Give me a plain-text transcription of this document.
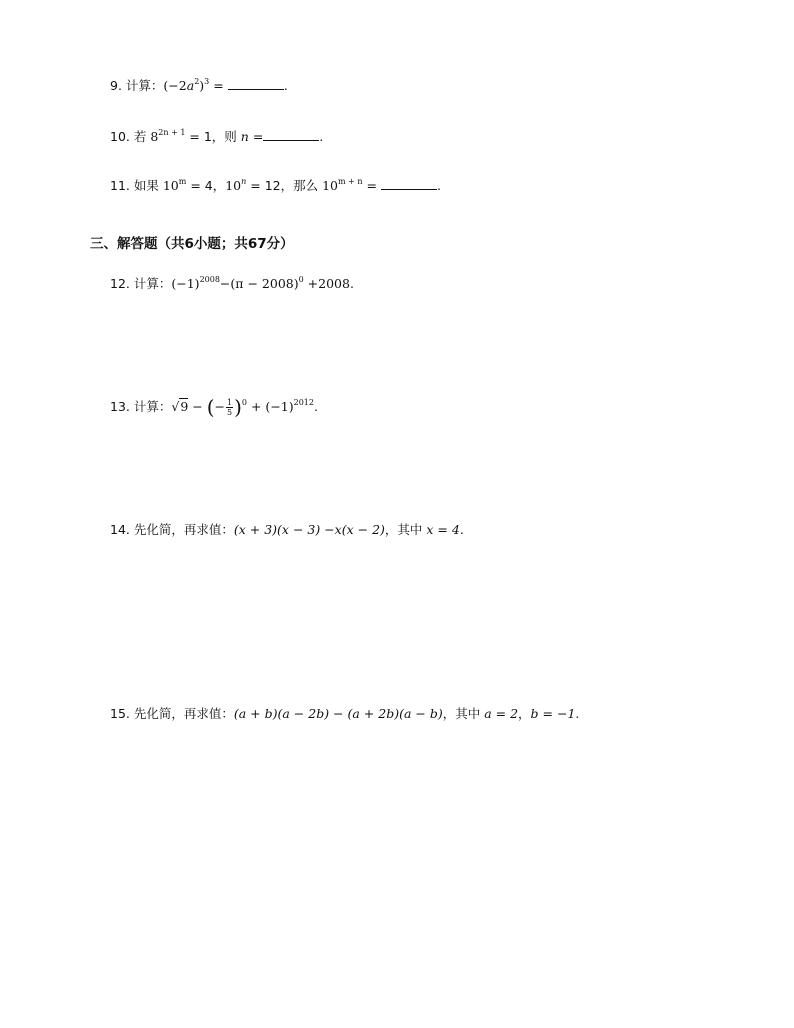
9. 计算：$(-2a^2)^3$ =	.
10. 若 $8^{2n + 1} = 1$，则 n =	.
11. 如果 $10^m = 4$，$10^n = 12$，那么 $10^{m + n}$ =	.
三、解答题（共6小题；共67分）
12. 计算：$(-1)^{2008}-(\pi - 2008)^0 +2008$.
13. 计算：√9 − (− $\frac{1}{5} )^0 + (-1)^{2012}$.
14. 先化简，再求值：(x + 3)(x − 3) −x(x − 2)，其中 x = 4.
15. 先化简，再求值：(a + b)(a − 2b) − (a + 2b)(a − b)，其中 a = 2，b = −1.
